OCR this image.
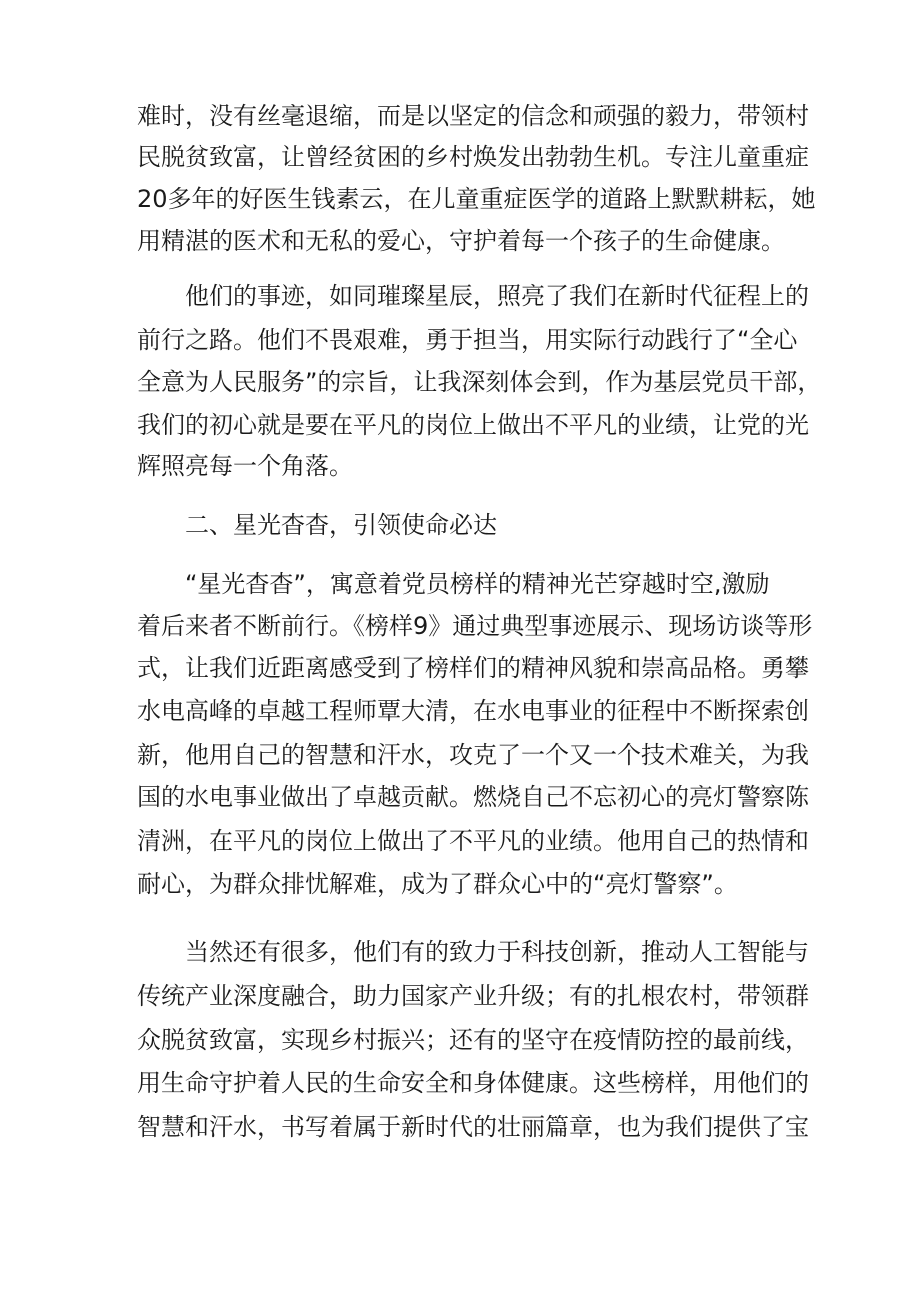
难时，没有丝毫退缩，而是以坚定的信念和顽强的毅力，带领村
民脱贫致富，让曾经贫困的乡村焕发出勃勃生机。专注儿童重症
20多年的好医生钱素云，在儿童重症医学的道路上默默耕耘，她
用精湛的医术和无私的爱心，守护着每一个孩子的生命健康。
他们的事迹，如同璀璨星辰，照亮了我们在新时代征程上的
前行之路。他们不畏艰难，勇于担当，用实际行动践行了“全心
全意为人民服务”的宗旨，让我深刻体会到，作为基层党员干部，
我们的初心就是要在平凡的岗位上做出不平凡的业绩，让党的光
辉照亮每一个角落。
二、星光杳杳，引领使命必达
“星光杳杳”，寓意着党员榜样的精神光芒穿越时空,激励
着后来者不断前行。《榜样9》通过典型事迹展示、现场访谈等形
式，让我们近距离感受到了榜样们的精神风貌和崇高品格。勇攀
水电高峰的卓越工程师覃大清，在水电事业的征程中不断探索创
新，他用自己的智慧和汗水，攻克了一个又一个技术难关，为我
国的水电事业做出了卓越贡献。燃烧自己不忘初心的亮灯警察陈
清洲，在平凡的岗位上做出了不平凡的业绩。他用自己的热情和
耐心，为群众排忧解难，成为了群众心中的“亮灯警察”。
当然还有很多，他们有的致力于科技创新，推动人工智能与
传统产业深度融合，助力国家产业升级；有的扎根农村，带领群
众脱贫致富，实现乡村振兴；还有的坚守在疫情防控的最前线，
用生命守护着人民的生命安全和身体健康。这些榜样，用他们的
智慧和汗水，书写着属于新时代的壮丽篇章，也为我们提供了宝
